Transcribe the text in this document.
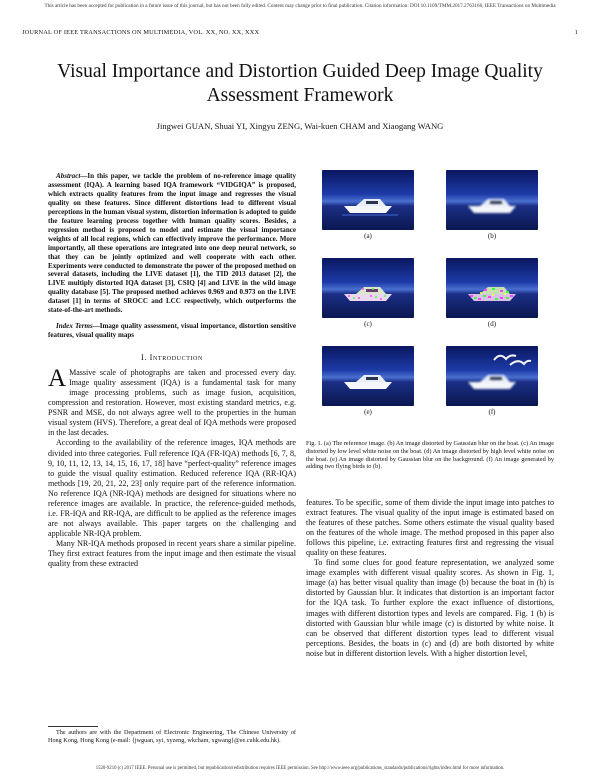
This article has been accepted for publication in a future issue of this journal, but has not been fully edited. Content may change prior to final publication. Citation information: DOI 10.1109/TMM.2017.2763166, IEEE Transactions on Multimedia
JOURNAL OF IEEE TRANSACTIONS ON MULTIMEDIA, VOL. XX, NO. XX, XXX	1
Visual Importance and Distortion Guided Deep Image Quality Assessment Framework
Jingwei GUAN, Shuai YI, Xingyu ZENG, Wai-kuen CHAM and Xiaogang WANG

Abstract—In this paper, we tackle the problem of no-reference image quality assessment (IQA). A learning based IQA framework “VIDGIQA” is proposed, which extracts quality features from the input image and regresses the visual quality on these features. Since different distortions lead to different visual perceptions in the human visual system, distortion information is adopted to guide the feature learning process together with human quality scores. Besides, a regression method is proposed to model and estimate the visual importance weights of all local regions, which can effectively improve the performance. More importantly, all these operations are integrated into one deep neural network, so that they can be jointly optimized and well cooperate with each other. Experiments were conducted to demonstrate the power of the proposed method on several datasets, including the LIVE dataset [1], the TID 2013 dataset [2], the LIVE multiply distorted IQA dataset [3], CSIQ [4] and LIVE in the wild image quality database [5]. The proposed method achieves 0.969 and 0.973 on the LIVE dataset [1] in terms of SROCC and LCC respectively, which outperforms the state-of-the-art methods.

Index Terms—Image quality assessment, visual importance, distortion sensitive features, visual quality maps

I. Introduction

A Massive scale of photographs are taken and processed every day. Image quality assessment (IQA) is a fundamental task for many image processing problems, such as image fusion, acquisition, compression and restoration. However, most existing standard metrics, e.g. PSNR and MSE, do not always agree well to the properties in the human visual system (HVS). Therefore, a great deal of IQA methods were proposed in the last decades.

According to the availability of the reference images, IQA methods are divided into three categories. Full reference IQA (FR-IQA) methods [6, 7, 8, 9, 10, 11, 12, 13, 14, 15, 16, 17, 18] have “perfect-quality” reference images to guide the visual quality estimation. Reduced reference IQA (RR-IQA) methods [19, 20, 21, 22, 23] only require part of the reference information. No reference IQA (NR-IQA) methods are designed for situations where no reference images are available. In practice, the reference-guided methods, i.e. FR-IQA and RR-IQA, are difficult to be applied as the reference images are not always available. This paper targets on the challenging and applicable NR-IQA problem.

Many NR-IQA methods proposed in recent years share a similar pipeline. They first extract features from the input image and then estimate the visual quality from these extracted

The authors are with the Department of Electronic Engineering, The Chinese University of Hong Kong, Hong Kong (e-mail: {jwguan, syi, xyzeng, wkcham, xgwang}@ee.cuhk.edu.hk).
(a)	(b)
(c)	(d)
(e)	(f)
Fig. 1. (a) The reference image. (b) An image distorted by Gaussian blur on the boat. (c) An image distorted by low level white noise on the boat. (d) An image distorted by high level white noise on the boat. (e) An image distorted by Gaussian blur on the background. (f) An image generated by adding two flying birds to (b).

features. To be specific, some of them divide the input image into patches to extract features. The visual quality of the input image is estimated based on the features of these patches. Some others estimate the visual quality based on the features of the whole image. The method proposed in this paper also follows this pipeline, i.e. extracting features first and regressing the visual quality on these features.

To find some clues for good feature representation, we analyzed some image examples with different visual quality scores. As shown in Fig. 1, image (a) has better visual quality than image (b) because the boat in (b) is distorted by Gaussian blur. It indicates that distortion is an important factor for the IQA task. To further explore the exact influence of distortions, images with different distortion types and levels are compared. Fig. 1 (b) is distorted with Gaussian blur while image (c) is distorted by white noise. It can be observed that different distortion types lead to different visual perceptions. Besides, the boats in (c) and (d) are both distorted by white noise but in different distortion levels. With a higher distortion level,

1520-9210 (c) 2017 IEEE. Personal use is permitted, but republication/redistribution requires IEEE permission. See http://www.ieee.org/publications_standards/publications/rights/index.html for more information.
